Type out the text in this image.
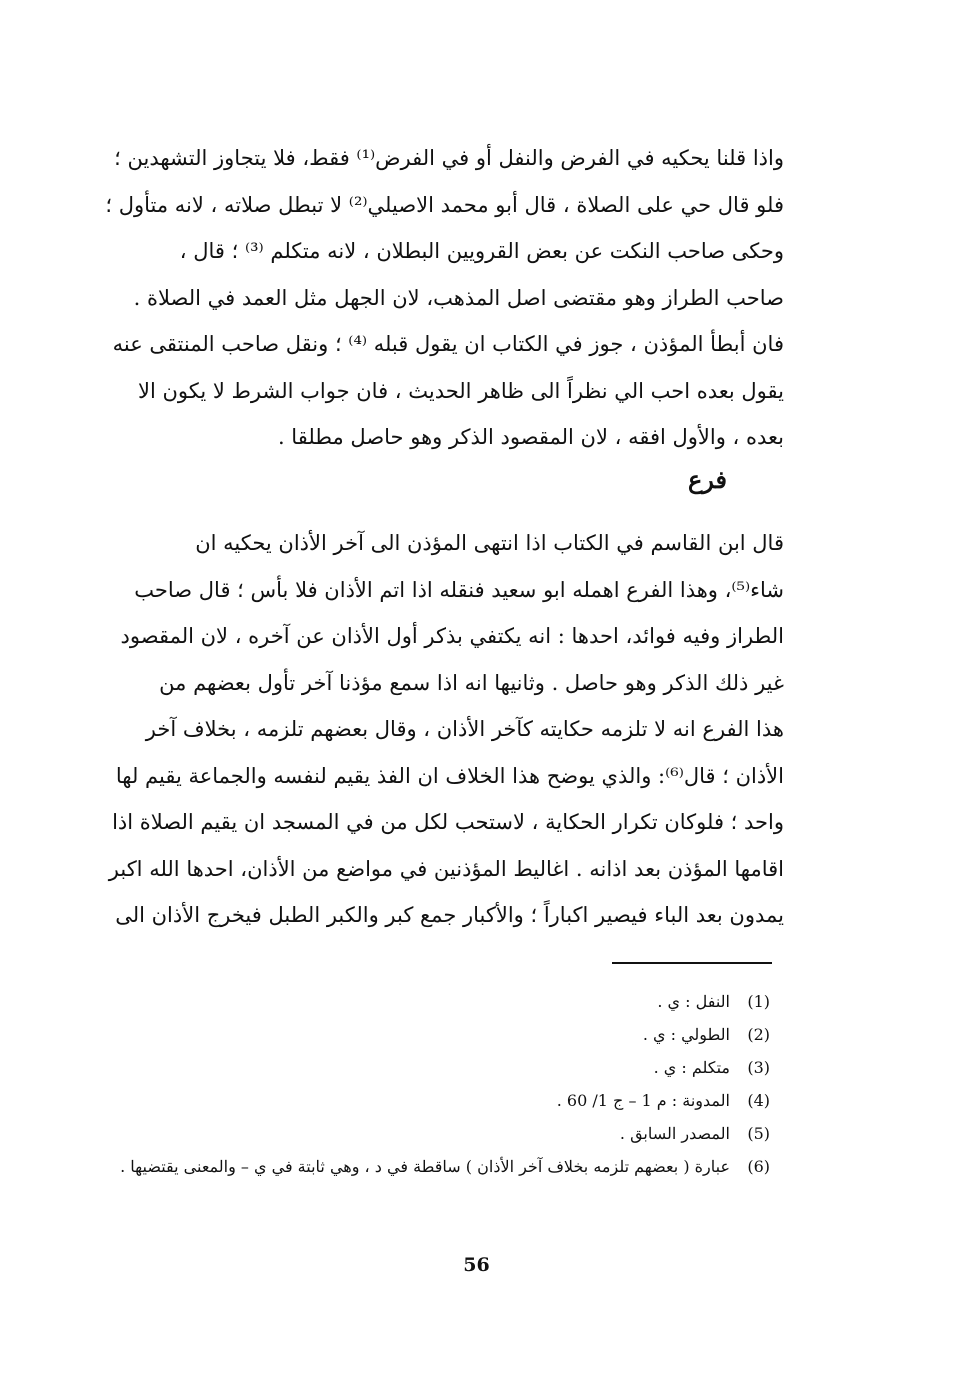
واذا قلنا يحكيه في الفرض والنفل أو في الفرض⁽¹⁾ فقط، فلا يتجاوز التشهدين ؛
فلو قال حي على الصلاة ، قال أبو محمد الاصيلي⁽²⁾ لا تبطل صلاته ، لانه متأول ؛
وحكى صاحب النكت عن بعض القرويين البطلان ، لانه متكلم ⁽³⁾ ؛ قال ،
صاحب الطراز وهو مقتضى اصل المذهب، لان الجهل مثل العمد في الصلاة .
فان أبطأ المؤذن ، جوز في الكتاب ان يقول قبله ⁽⁴⁾ ؛ ونقل صاحب المنتقى عنه
يقول بعده احب الي نظراً الى ظاهر الحديث ، فان جواب الشرط لا يكون الا
بعده ، والأول افقه ، لان المقصود الذكر وهو حاصل مطلقا .
فرع
قال ابن القاسم في الكتاب اذا انتهى المؤذن الى آخر الأذان يحكيه ان
شاء⁽⁵⁾، وهذا الفرع اهمله ابو سعيد فنقله اذا اتم الأذان فلا بأس ؛ قال صاحب
الطراز وفيه فوائد، احدها : انه يكتفي بذكر أول الأذان عن آخره ، لان المقصود
غير ذلك الذكر وهو حاصل . وثانيها انه اذا سمع مؤذنا آخر تأول بعضهم من
هذا الفرع انه لا تلزمه حكايته كآخر الأذان ، وقال بعضهم تلزمه ، بخلاف آخر
الأذان ؛ قال⁽⁶⁾: والذي يوضح هذا الخلاف ان الفذ يقيم لنفسه والجماعة يقيم لها
واحد ؛ فلوكان تكرار الحكاية ، لاستحب لكل من في المسجد ان يقيم الصلاة اذا
اقامها المؤذن بعد اذانه . اغاليط المؤذنين في مواضع من الأذان، احدها الله اكبر
يمدون بعد الباء فيصير اكباراً ؛ والأكبار جمع كبر والكبر الطبل فيخرج الأذان الى
(1)
النفل : ي .
(2)
الطولي : ي .
(3)
متكلم : ي .
(4)
المدونة : م 1 – ج 1/ 60 .
(5)
المصدر السابق .
(6)
عبارة ( بعضهم تلزمه بخلاف آخر الأذان ) ساقطة في د ، وهي ثابتة في ي – والمعنى يقتضيها .
56
